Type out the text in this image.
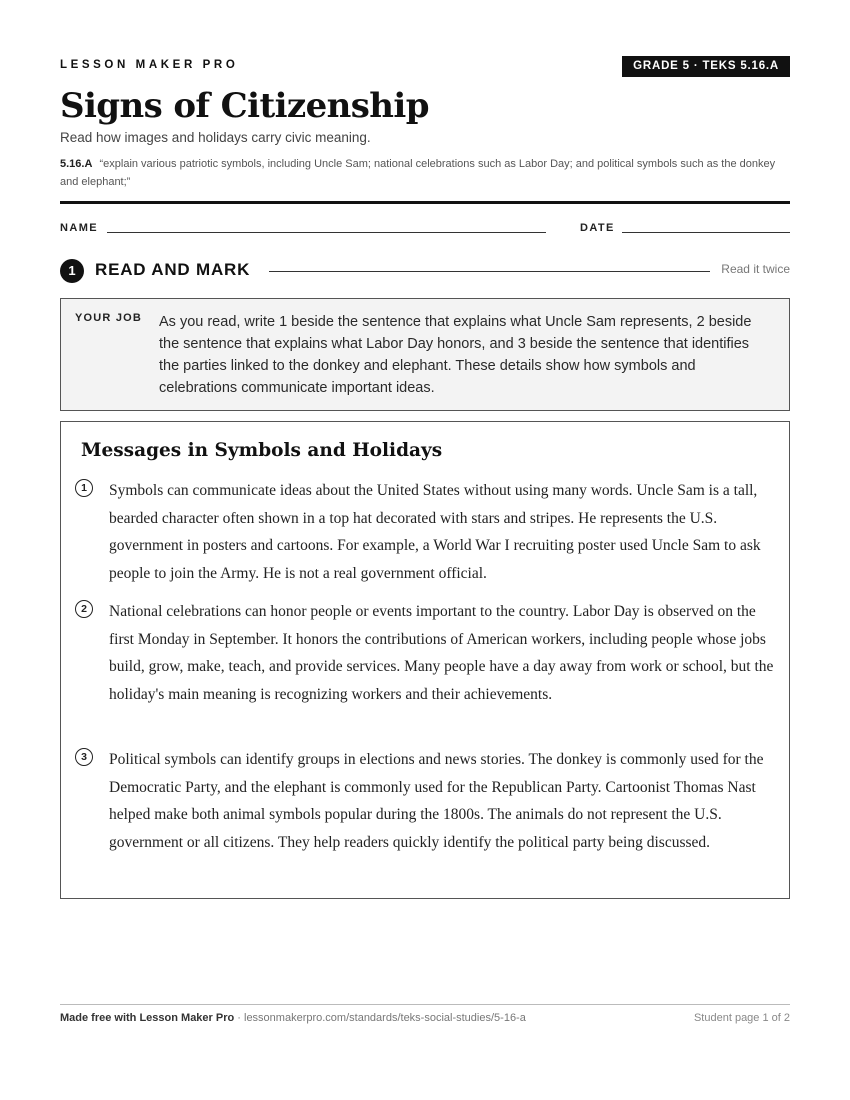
LESSON MAKER PRO	GRADE 5 · TEKS 5.16.A
Signs of Citizenship
Read how images and holidays carry civic meaning.
5.16.A “explain various patriotic symbols, including Uncle Sam; national celebrations such as Labor Day; and political symbols such as the donkey and elephant;”
NAME	DATE
1	READ AND MARK	Read it twice
YOUR JOB As you read, write 1 beside the sentence that explains what Uncle Sam represents, 2 beside the sentence that explains what Labor Day honors, and 3 beside the sentence that identifies the parties linked to the donkey and elephant. These details show how symbols and celebrations communicate important ideas.
Messages in Symbols and Holidays
1	Symbols can communicate ideas about the United States without using many words. Uncle Sam is a tall, bearded character often shown in a top hat decorated with stars and stripes. He represents the U.S. government in posters and cartoons. For example, a World War I recruiting poster used Uncle Sam to ask people to join the Army. He is not a real government official.
2	National celebrations can honor people or events important to the country. Labor Day is observed on the first Monday in September. It honors the contributions of American workers, including people whose jobs build, grow, make, teach, and provide services. Many people have a day away from work or school, but the holiday's main meaning is recognizing workers and their achievements.
3	Political symbols can identify groups in elections and news stories. The donkey is commonly used for the Democratic Party, and the elephant is commonly used for the Republican Party. Cartoonist Thomas Nast helped make both animal symbols popular during the 1800s. The animals do not represent the U.S. government or all citizens. They help readers quickly identify the political party being discussed.
Made free with Lesson Maker Pro · lessonmakerpro.com/standards/teks-social-studies/5-16-a	Student page 1 of 2
